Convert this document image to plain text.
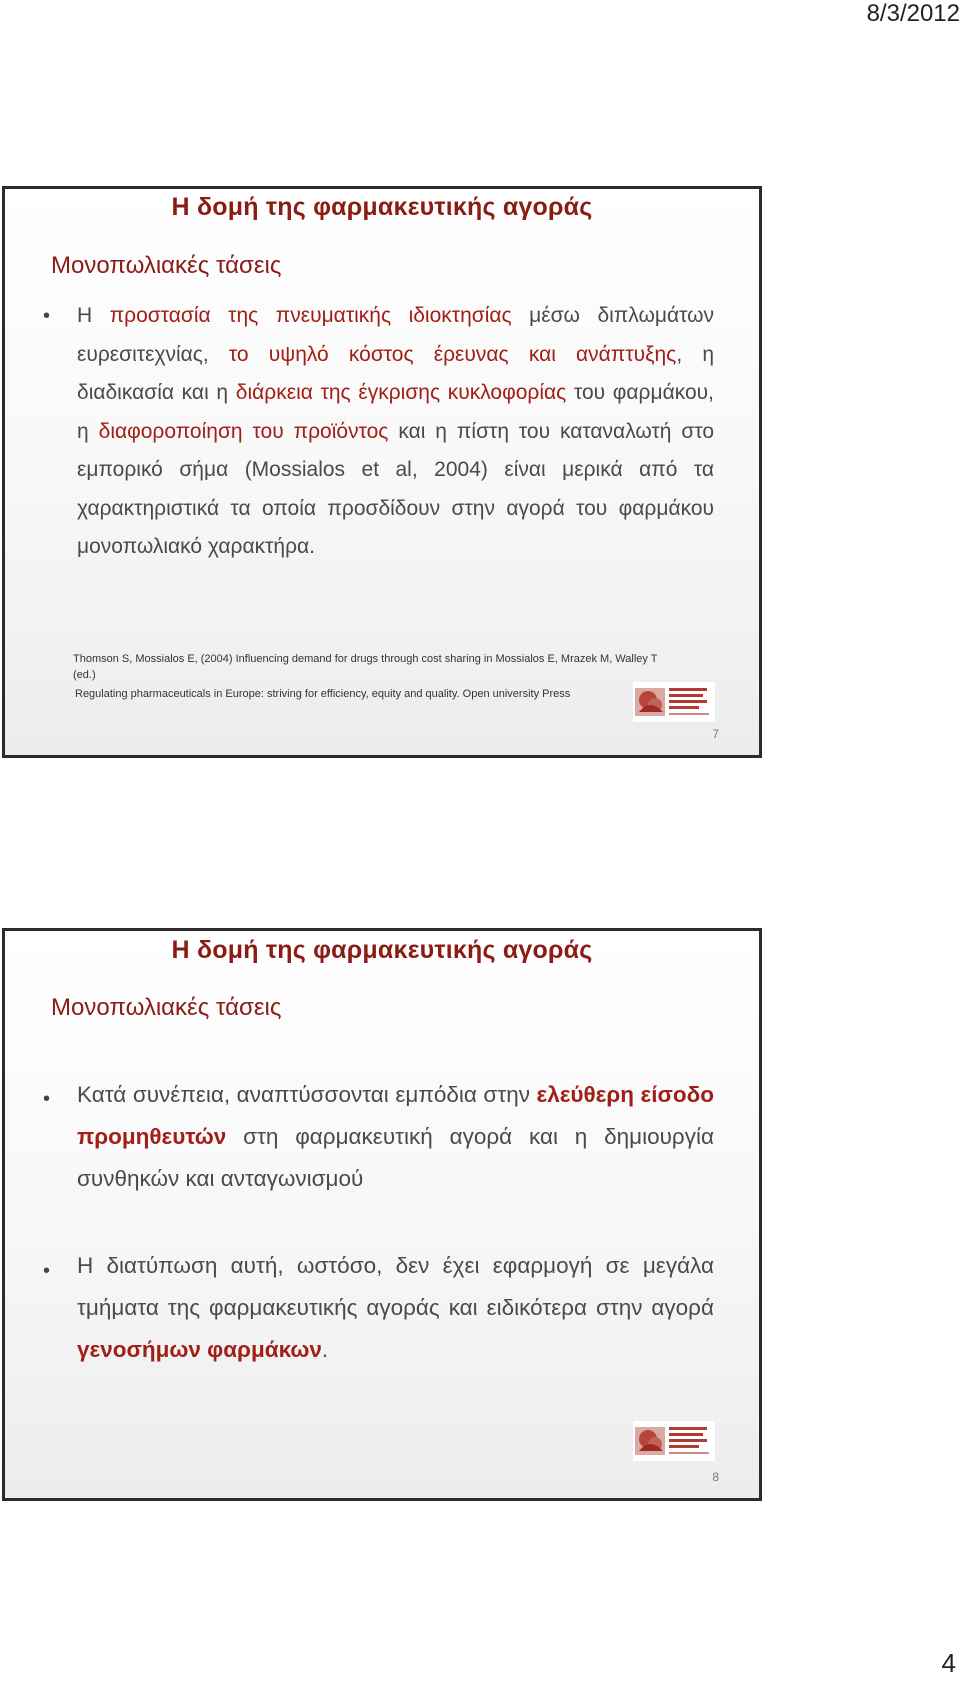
8/3/2012
Η δομή της φαρμακευτικής αγοράς
Μονοπωλιακές τάσεις
• Η προστασία της πνευματικής ιδιοκτησίας μέσω διπλωμάτων ευρεσιτεχνίας, το υψηλό κόστος έρευνας και ανάπτυξης, η διαδικασία και η διάρκεια της έγκρισης κυκλοφορίας του φαρμάκου, η διαφοροποίηση του προϊόντος και η πίστη του καταναλωτή στο εμπορικό σήμα (Mossialos et al, 2004) είναι μερικά από τα χαρακτηριστικά τα οποία προσδίδουν στην αγορά του φαρμάκου μονοπωλιακό χαρακτήρα.
Thomson S, Mossialos E, (2004) Influencing demand for drugs through cost sharing in Mossialos E, Mrazek M, Walley T (ed.)
Regulating pharmaceuticals in Europe: striving for efficiency, equity and quality. Open university Press
7
Η δομή της φαρμακευτικής αγοράς
Μονοπωλιακές τάσεις
• Κατά συνέπεια, αναπτύσσονται εμπόδια στην ελεύθερη είσοδο προμηθευτών στη φαρμακευτική αγορά και η δημιουργία συνθηκών και ανταγωνισμού
• Η διατύπωση αυτή, ωστόσο, δεν έχει εφαρμογή σε μεγάλα τμήματα της φαρμακευτικής αγοράς και ειδικότερα στην αγορά γενοσήμων φαρμάκων.
8
4
